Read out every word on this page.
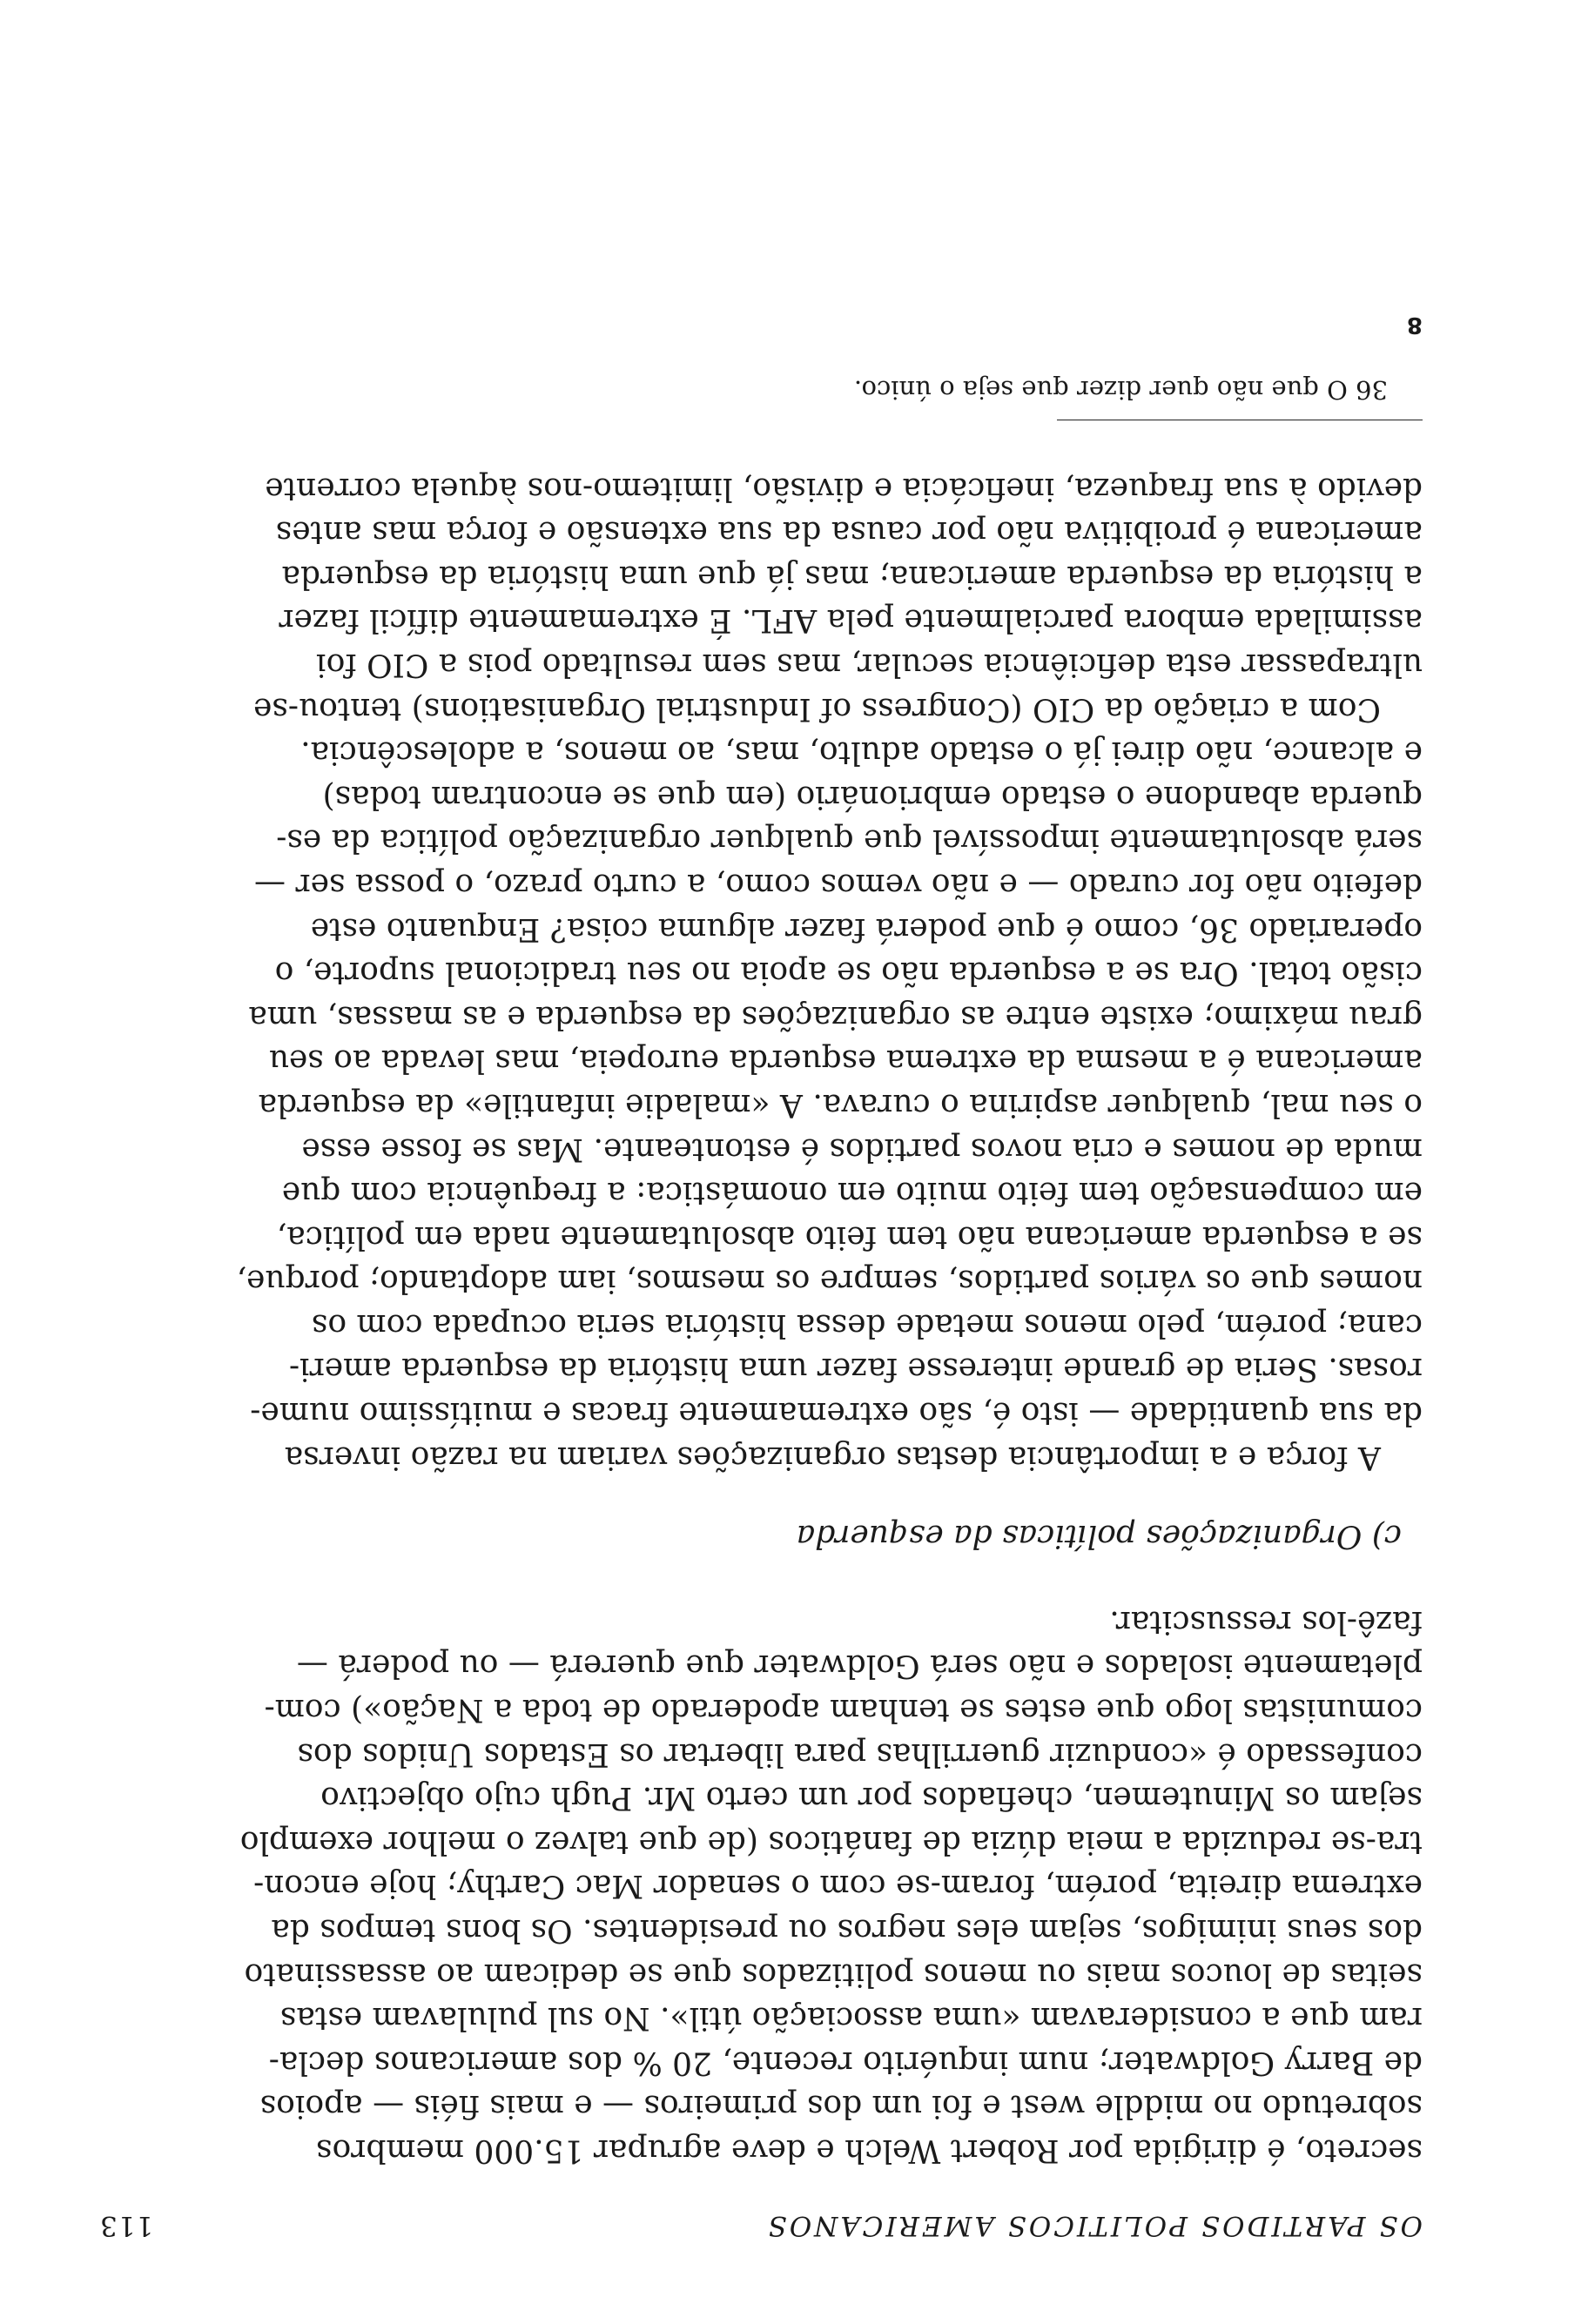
OS PARTIDOS POLITICOS AMERICANOS
113

secreto, é dirigida por Robert Welch e deve agrupar 15.000 membros
sobretudo no middle west e foi um dos primeiros — e mais fiéis — apoios
de Barry Goldwater; num inquérito recente, 20 % dos americanos decla-
ram que a consideravam «uma associação útil». No sul pululavam estas
seitas de loucos mais ou menos politizados que se dedicam ao assassinato
dos seus inimigos, sejam eles negros ou presidentes. Os bons tempos da
extrema direita, porém, foram-se com o senador Mac Carthy; hoje encon-
tra-se reduzida a meia dúzia de fanáticos (de que talvez o melhor exemplo
sejam os Minutemen, chefiados por um certo Mr. Pugh cujo objectivo
confessado é «conduzir guerrilhas para libertar os Estados Unidos dos
comunistas logo que estes se tenham apoderado de toda a Nação») com-
pletamente isolados e não será Goldwater que quererá — ou poderá —
fazê-los ressuscitar.

c) Organizações políticas da esquerda

A força e a importância destas organizações variam na razão inversa
da sua quantidade — isto é, são extremamente fracas e muitíssimo nume-
rosas. Seria de grande interesse fazer uma história da esquerda ameri-
cana; porém, pelo menos metade dessa história seria ocupada com os
nomes que os vários partidos, sempre os mesmos, iam adoptando; porque,
se a esquerda americana não tem feito absolutamente nada em política,
em compensação tem feito muito em onomástica: a frequência com que
muda de nomes e cria novos partidos é estonteante. Mas se fosse esse
o seu mal, qualquer aspirina o curava. A «maladie infantile» da esquerda
americana é a mesma da extrema esquerda europeia, mas levada ao seu
grau máximo; existe entre as organizações da esquerda e as massas, uma
cisão total. Ora se a esquerda não se apoia no seu tradicional suporte, o
operariado 36, como é que poderá fazer alguma coisa? Enquanto este
defeito não for curado — e não vemos como, a curto prazo, o possa ser —
será absolutamente impossível que qualquer organização política da es-
querda abandone o estado embrionário (em que se encontram todas)
e alcance, não direi já o estado adulto, mas, ao menos, a adolescência.

Com a criação da CIO (Congress of Industrial Organisations) tentou-se
ultrapassar esta deficiência secular, mas sem resultado pois a CIO foi
assimilada embora parcialmente pela AFL. É extremamente difícil fazer
a história da esquerda americana; mas já que uma história da esquerda
americana é proibitiva não por causa da sua extensão e força mas antes
devido à sua fraqueza, ineficácia e divisão, limitemo-nos àquela corrente

36 O que não quer dizer que seja o único.

8
